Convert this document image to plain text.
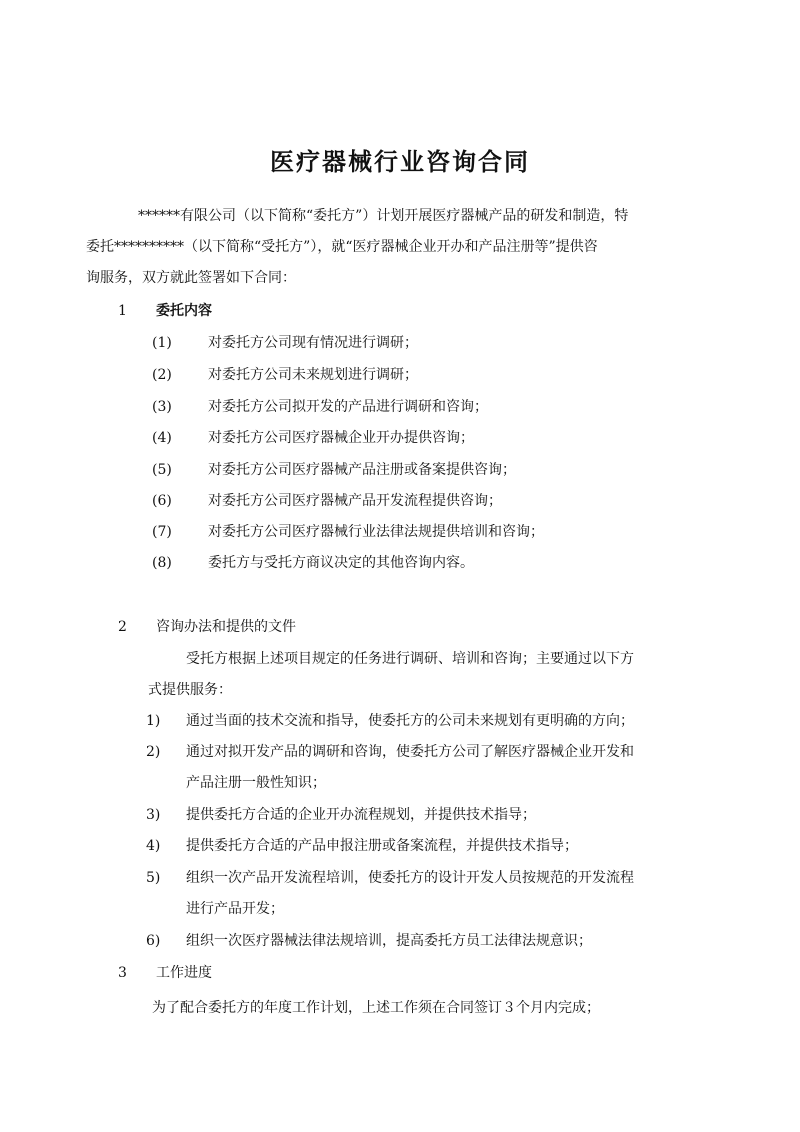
医疗器械行业咨询合同
******有限公司（以下简称“委托方”）计划开展医疗器械产品的研发和制造，特
委托**********（以下简称“受托方”），就“医疗器械企业开办和产品注册等”提供咨
询服务，双方就此签署如下合同：
1 委托内容
(1)	对委托方公司现有情况进行调研；
(2)	对委托方公司未来规划进行调研；
(3)	对委托方公司拟开发的产品进行调研和咨询；
(4)	对委托方公司医疗器械企业开办提供咨询；
(5)	对委托方公司医疗器械产品注册或备案提供咨询；
(6)	对委托方公司医疗器械产品开发流程提供咨询；
(7)	对委托方公司医疗器械行业法律法规提供培训和咨询；
(8)	委托方与受托方商议决定的其他咨询内容。
2 咨询办法和提供的文件
受托方根据上述项目规定的任务进行调研、培训和咨询；主要通过以下方
式提供服务：
1) 通过当面的技术交流和指导，使委托方的公司未来规划有更明确的方向；
2) 通过对拟开发产品的调研和咨询，使委托方公司了解医疗器械企业开发和
产品注册一般性知识；
3) 提供委托方合适的企业开办流程规划，并提供技术指导；
4) 提供委托方合适的产品申报注册或备案流程，并提供技术指导；
5) 组织一次产品开发流程培训，使委托方的设计开发人员按规范的开发流程
进行产品开发；
6) 组织一次医疗器械法律法规培训，提高委托方员工法律法规意识；
3 工作进度
为了配合委托方的年度工作计划，上述工作须在合同签订３个月内完成；
